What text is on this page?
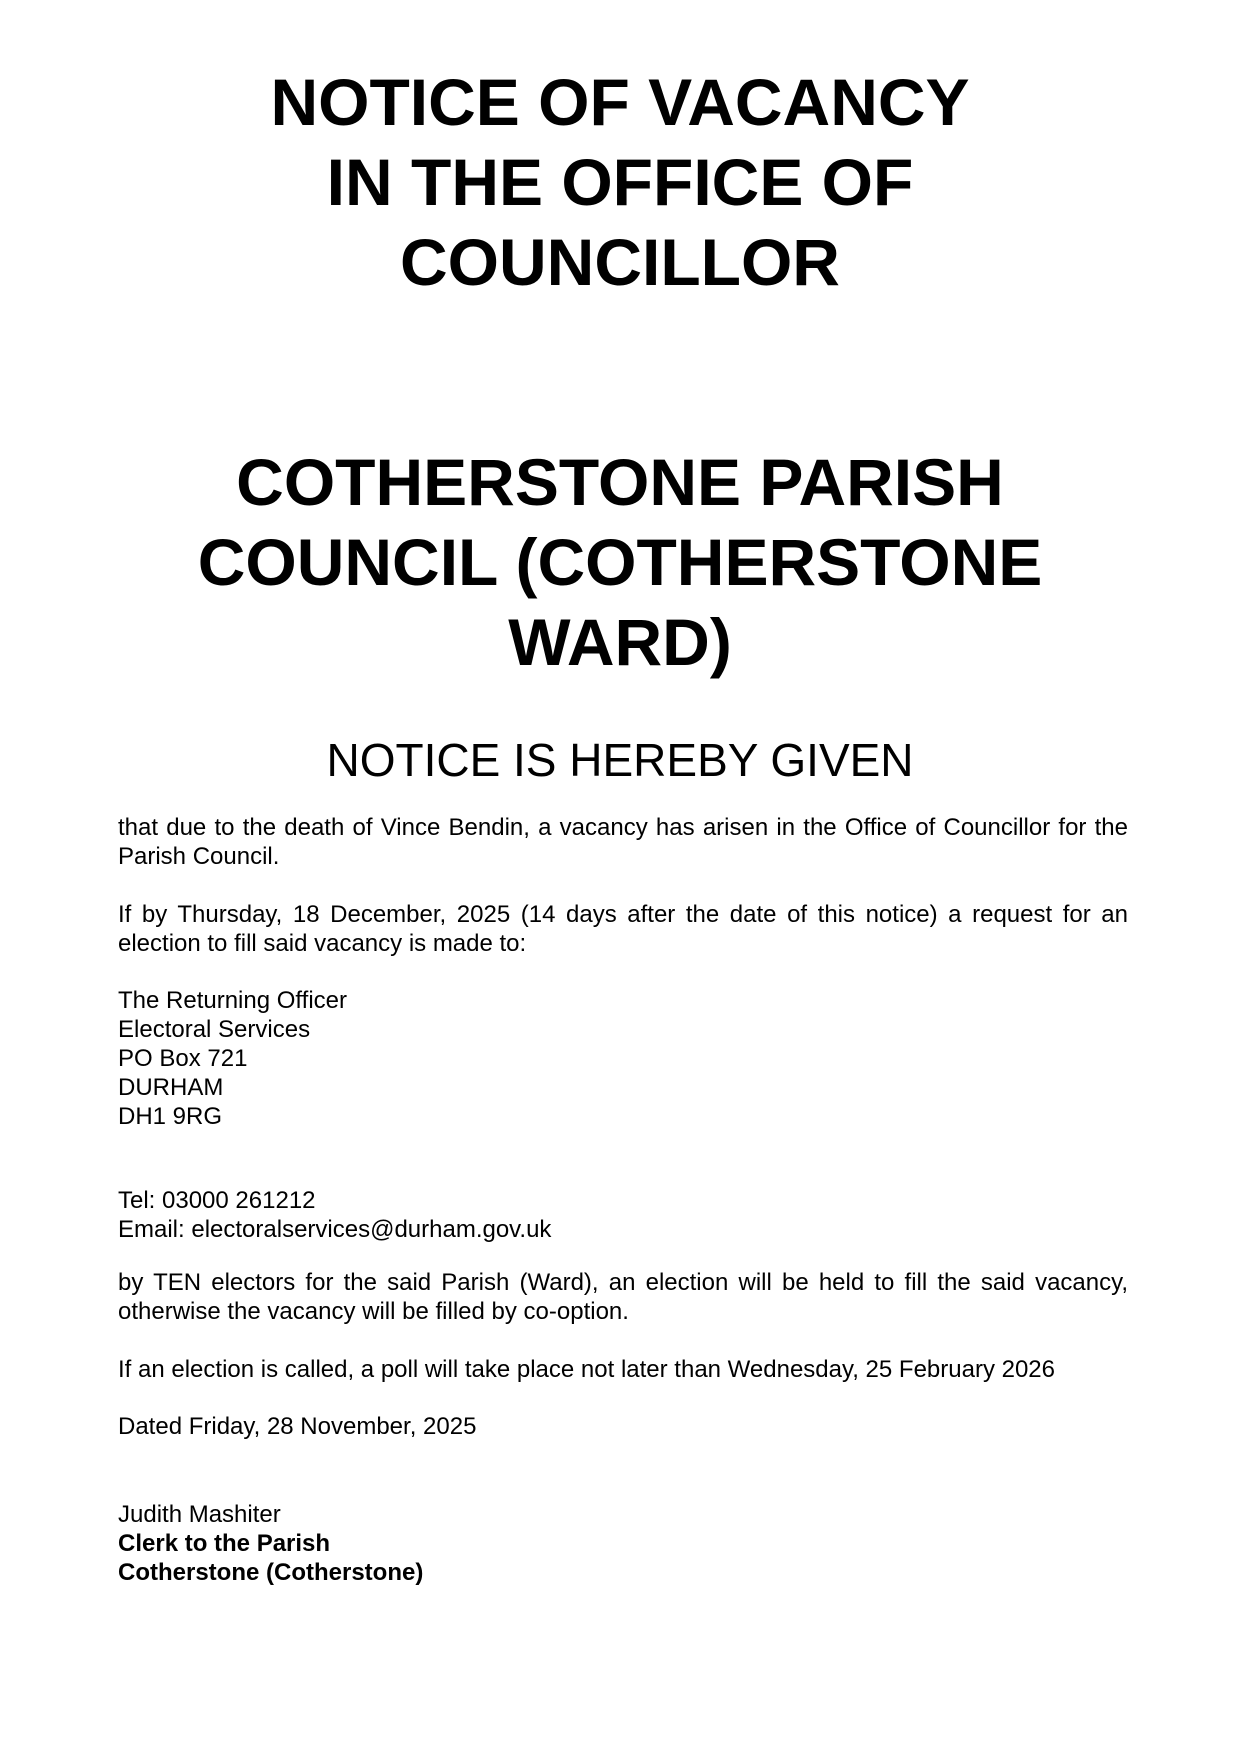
NOTICE OF VACANCY
IN THE OFFICE OF
COUNCILLOR
COTHERSTONE PARISH
COUNCIL (COTHERSTONE
WARD)
NOTICE IS HEREBY GIVEN

that due to the death of Vince Bendin, a vacancy has arisen in the Office of Councillor for the Parish Council.

If by Thursday, 18 December, 2025 (14 days after the date of this notice) a request for an election to fill said vacancy is made to:

The Returning Officer
Electoral Services
PO Box 721
DURHAM
DH1 9RG
Tel: 03000 261212
Email: electoralservices@durham.gov.uk

by TEN electors for the said Parish (Ward), an election will be held to fill the said vacancy, otherwise the vacancy will be filled by co-option.

If an election is called, a poll will take place not later than Wednesday, 25 February 2026

Dated Friday, 28 November, 2025

Judith Mashiter
Clerk to the Parish
Cotherstone (Cotherstone)
